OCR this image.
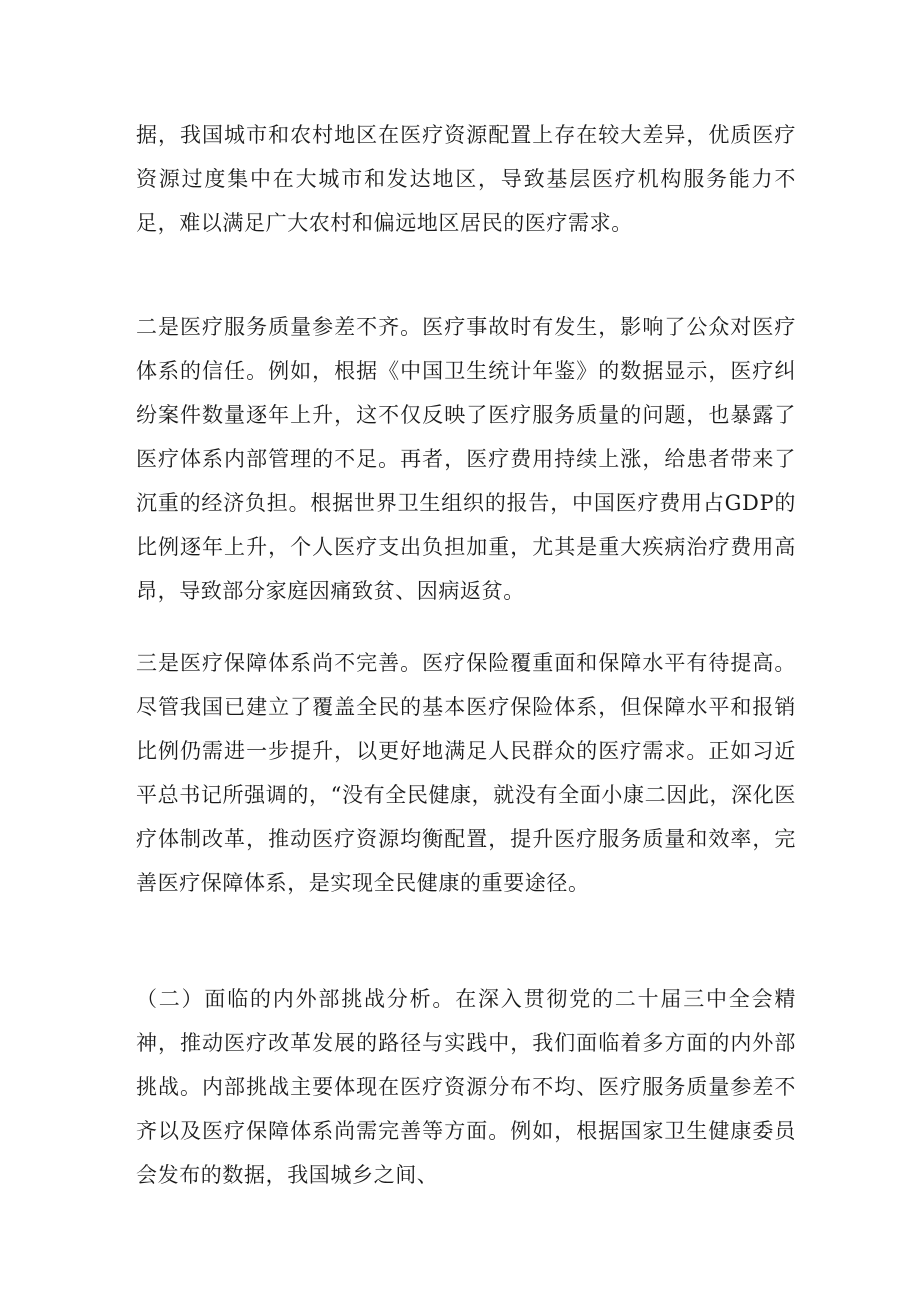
据，我国城市和农村地区在医疗资源配置上存在较大差异，优质医疗资源过度集中在大城市和发达地区，导致基层医疗机构服务能力不足，难以满足广大农村和偏远地区居民的医疗需求。

二是医疗服务质量参差不齐。医疗事故时有发生，影响了公众对医疗体系的信任。例如，根据《中国卫生统计年鉴》的数据显示，医疗纠纷案件数量逐年上升，这不仅反映了医疗服务质量的问题，也暴露了医疗体系内部管理的不足。再者，医疗费用持续上涨，给患者带来了沉重的经济负担。根据世界卫生组织的报告，中国医疗费用占GDP的比例逐年上升，个人医疗支出负担加重，尤其是重大疾病治疗费用高昂，导致部分家庭因痛致贫、因病返贫。

三是医疗保障体系尚不完善。医疗保险覆重面和保障水平有待提高。尽管我国已建立了覆盖全民的基本医疗保险体系，但保障水平和报销比例仍需进一步提升，以更好地满足人民群众的医疗需求。正如习近平总书记所强调的，“没有全民健康，就没有全面小康二因此，深化医疗体制改革，推动医疗资源均衡配置，提升医疗服务质量和效率，完善医疗保障体系，是实现全民健康的重要途径。

（二）面临的内外部挑战分析。在深入贯彻党的二十届三中全会精神，推动医疗改革发展的路径与实践中，我们面临着多方面的内外部挑战。内部挑战主要体现在医疗资源分布不均、医疗服务质量参差不齐以及医疗保障体系尚需完善等方面。例如，根据国家卫生健康委员会发布的数据，我国城乡之间、
